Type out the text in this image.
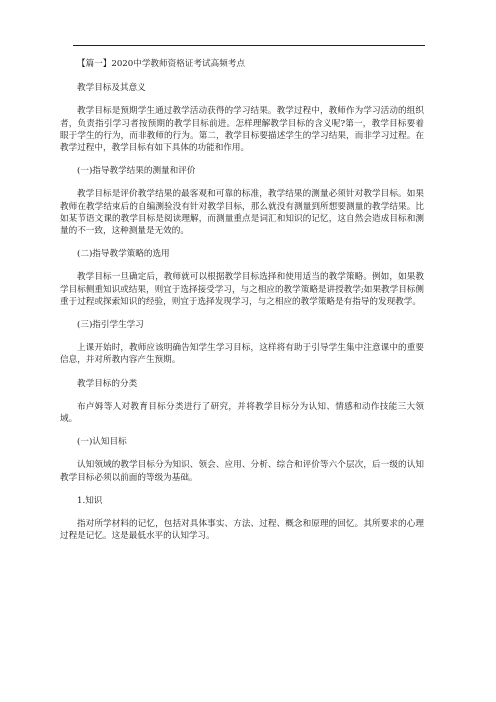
【篇一】2020中学教师资格证考试高频考点

教学目标及其意义

教学目标是预期学生通过教学活动获得的学习结果。教学过程中，教师作为学习活动的组织者，负责指引学习者按预期的教学目标前进。怎样理解教学目标的含义呢?第一，教学目标要着眼于学生的行为，而非教师的行为。第二，教学目标要描述学生的学习结果，而非学习过程。在教学过程中，教学目标有如下具体的功能和作用。

(一)指导教学结果的测量和评价

教学目标是评价教学结果的最客观和可靠的标准，教学结果的测量必须针对教学目标。如果教师在教学结束后的自编测验没有针对教学目标，那么就没有测量到所想要测量的教学结果。比如某节语文课的教学目标是阅读理解，而测量重点是词汇和知识的记忆，这自然会造成目标和测量的不一致，这种测量是无效的。

(二)指导教学策略的选用

教学目标一旦确定后，教师就可以根据教学目标选择和使用适当的教学策略。例如，如果教学目标侧重知识或结果，则宜于选择接受学习，与之相应的教学策略是讲授教学;如果教学目标侧重于过程或探索知识的经验，则宜于选择发现学习，与之相应的教学策略是有指导的发现教学。

(三)指引学生学习

上课开始时，教师应该明确告知学生学习目标，这样将有助于引导学生集中注意课中的重要信息，并对所教内容产生预期。

教学目标的分类

布卢姆等人对教育目标分类进行了研究，并将教学目标分为认知、情感和动作技能三大领域。

(一)认知目标

认知领域的教学目标分为知识、领会、应用、分析、综合和评价等六个层次，后一级的认知教学目标必须以前面的等级为基础。

1.知识

指对所学材料的记忆，包括对具体事实、方法、过程、概念和原理的回忆。其所要求的心理过程是记忆。这是最低水平的认知学习。
